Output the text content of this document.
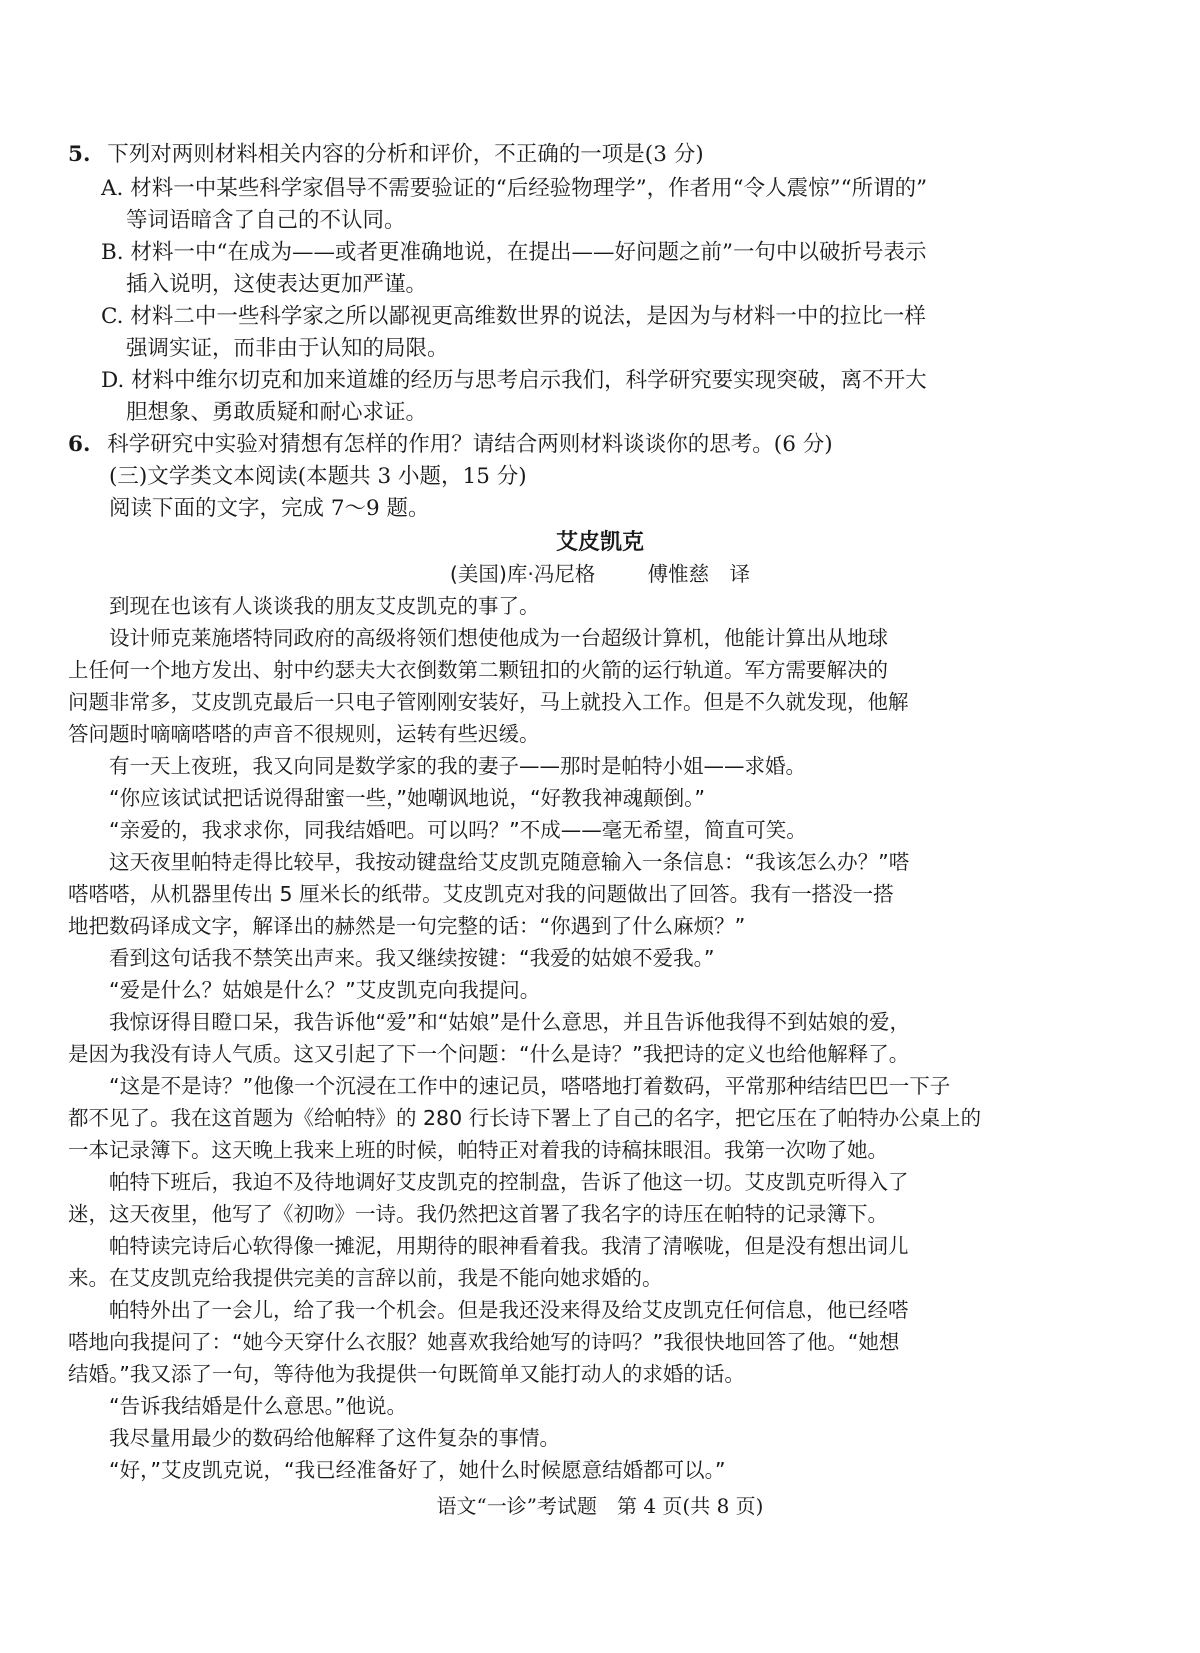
5. 下列对两则材料相关内容的分析和评价，不正确的一项是(3 分)
A. 材料一中某些科学家倡导不需要验证的“后经验物理学”，作者用“令人震惊”“所谓的”
等词语暗含了自己的不认同。
B. 材料一中“在成为——或者更准确地说，在提出——好问题之前”一句中以破折号表示
插入说明，这使表达更加严谨。
C. 材料二中一些科学家之所以鄙视更高维数世界的说法，是因为与材料一中的拉比一样
强调实证，而非由于认知的局限。
D. 材料中维尔切克和加来道雄的经历与思考启示我们，科学研究要实现突破，离不开大
胆想象、勇敢质疑和耐心求证。
6. 科学研究中实验对猜想有怎样的作用？请结合两则材料谈谈你的思考。(6 分)
(三)文学类文本阅读(本题共 3 小题，15 分)
阅读下面的文字，完成 7～9 题。
艾皮凯克
(美国)库·冯尼格	傅惟慈　译
到现在也该有人谈谈我的朋友艾皮凯克的事了。
设计师克莱施塔特同政府的高级将领们想使他成为一台超级计算机，他能计算出从地球
上任何一个地方发出、射中约瑟夫大衣倒数第二颗钮扣的火箭的运行轨道。军方需要解决的
问题非常多，艾皮凯克最后一只电子管刚刚安装好，马上就投入工作。但是不久就发现，他解
答问题时嘀嘀嗒嗒的声音不很规则，运转有些迟缓。
有一天上夜班，我又向同是数学家的我的妻子——那时是帕特小姐——求婚。
“你应该试试把话说得甜蜜一些，”她嘲讽地说，“好教我神魂颠倒。”
“亲爱的，我求求你，同我结婚吧。可以吗？”不成——毫无希望，简直可笑。
这天夜里帕特走得比较早，我按动键盘给艾皮凯克随意输入一条信息：“我该怎么办？”嗒
嗒嗒嗒，从机器里传出 5 厘米长的纸带。艾皮凯克对我的问题做出了回答。我有一搭没一搭
地把数码译成文字，解译出的赫然是一句完整的话：“你遇到了什么麻烦？”
看到这句话我不禁笑出声来。我又继续按键：“我爱的姑娘不爱我。”
“爱是什么？姑娘是什么？”艾皮凯克向我提问。
我惊讶得目瞪口呆，我告诉他“爱”和“姑娘”是什么意思，并且告诉他我得不到姑娘的爱，
是因为我没有诗人气质。这又引起了下一个问题：“什么是诗？”我把诗的定义也给他解释了。
“这是不是诗？”他像一个沉浸在工作中的速记员，嗒嗒地打着数码，平常那种结结巴巴一下子
都不见了。我在这首题为《给帕特》的 280 行长诗下署上了自己的名字，把它压在了帕特办公桌上的
一本记录簿下。这天晚上我来上班的时候，帕特正对着我的诗稿抹眼泪。我第一次吻了她。
帕特下班后，我迫不及待地调好艾皮凯克的控制盘，告诉了他这一切。艾皮凯克听得入了
迷，这天夜里，他写了《初吻》一诗。我仍然把这首署了我名字的诗压在帕特的记录簿下。
帕特读完诗后心软得像一摊泥，用期待的眼神看着我。我清了清喉咙，但是没有想出词儿
来。在艾皮凯克给我提供完美的言辞以前，我是不能向她求婚的。
帕特外出了一会儿，给了我一个机会。但是我还没来得及给艾皮凯克任何信息，他已经嗒
嗒地向我提问了：“她今天穿什么衣服？她喜欢我给她写的诗吗？”我很快地回答了他。“她想
结婚。”我又添了一句，等待他为我提供一句既简单又能打动人的求婚的话。
“告诉我结婚是什么意思。”他说。
我尽量用最少的数码给他解释了这件复杂的事情。
“好，”艾皮凯克说，“我已经准备好了，她什么时候愿意结婚都可以。”
语文“一诊”考试题　第 4 页(共 8 页)
